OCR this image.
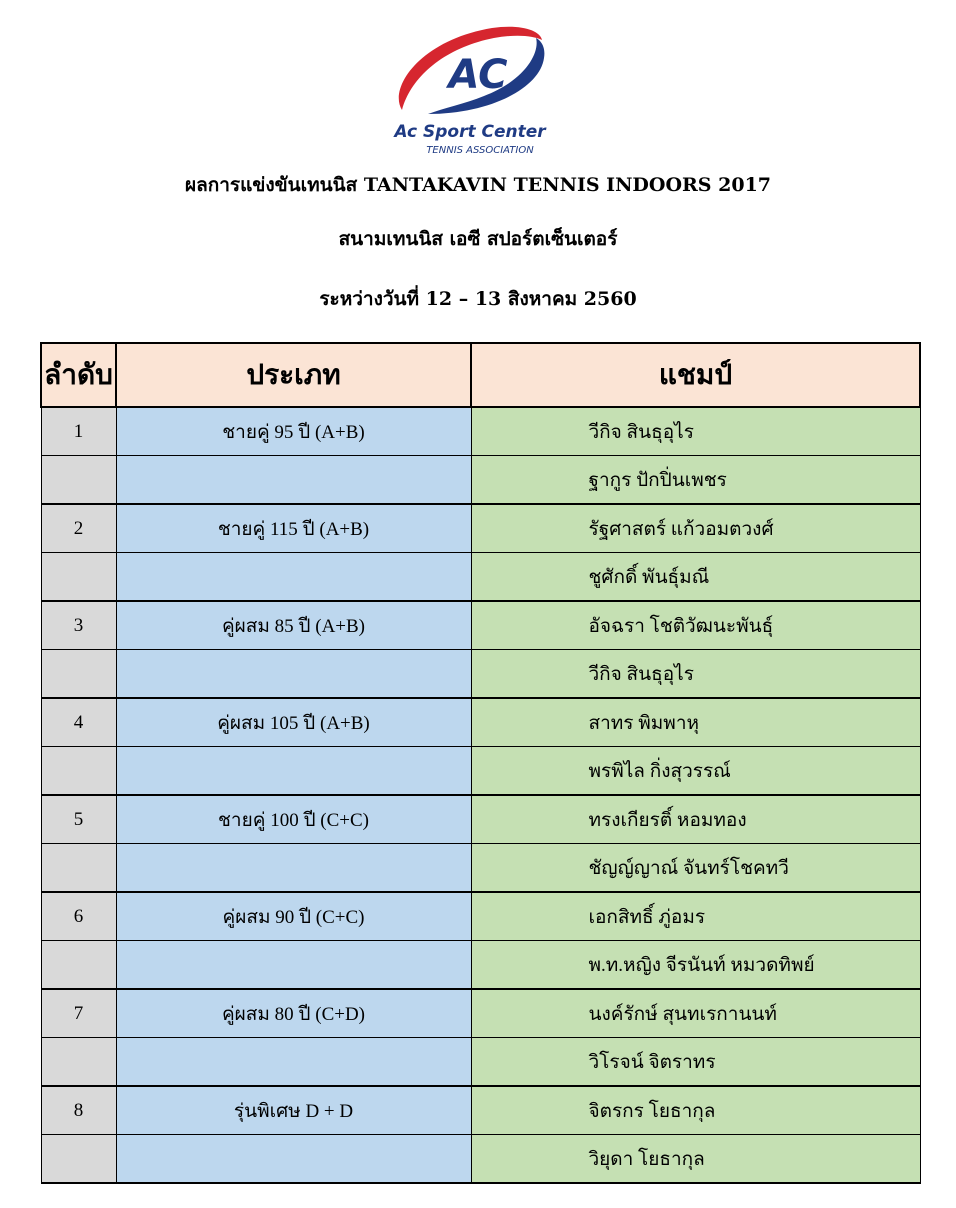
AC
Ac Sport Center
TENNIS ASSOCIATION
ผลการแข่งขันเทนนิส TANTAKAVIN TENNIS INDOORS 2017
สนามเทนนิส เอซี สปอร์ตเซ็นเตอร์
ระหว่างวันที่ 12 – 13 สิงหาคม 2560
ลำดับ	ประเภท	แชมป์
1	ชายคู่ 95 ปี (A+B)	วีกิจ สินธุอุไร
		ฐากูร ปักปิ่นเพชร
2	ชายคู่ 115 ปี (A+B)	รัฐศาสตร์ แก้วอมตวงศ์
		ชูศักดิ์ พันธุ์มณี
3	คู่ผสม 85 ปี (A+B)	อัจฉรา โชติวัฒนะพันธุ์
		วีกิจ สินธุอุไร
4	คู่ผสม 105 ปี (A+B)	สาทร พิมพาหุ
		พรพิไล กิ่งสุวรรณ์
5	ชายคู่ 100 ปี (C+C)	ทรงเกียรติ์ หอมทอง
		ชัญญ์ญาณ์ จันทร์โชคทวี
6	คู่ผสม 90 ปี (C+C)	เอกสิทธิ์ ภู่อมร
		พ.ท.หญิง จีรนันท์ หมวดทิพย์
7	คู่ผสม 80 ปี (C+D)	นงค์รักษ์ สุนทเรกานนท์
		วิโรจน์ จิตราทร
8	รุ่นพิเศษ D + D	จิตรกร โยธากุล
		วิยุดา โยธากุล
